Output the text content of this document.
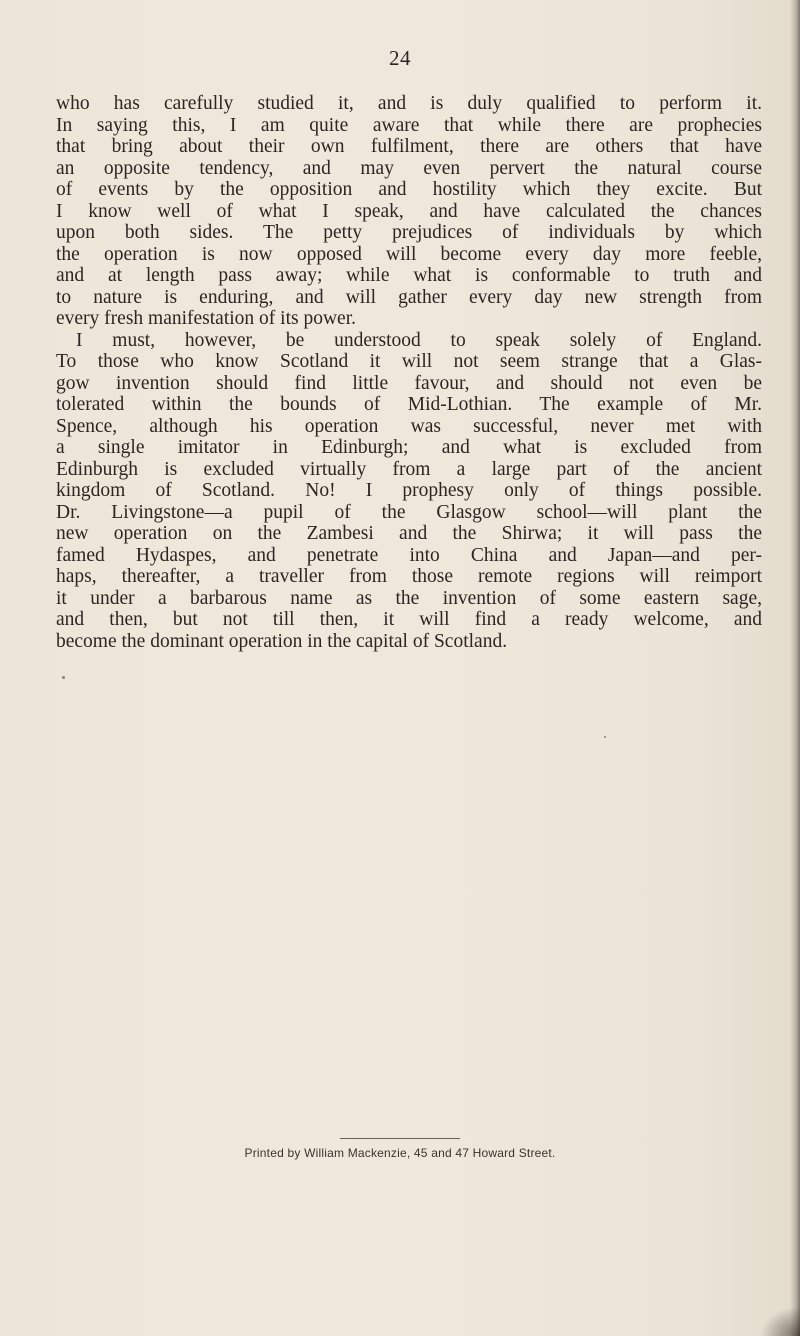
24
who has carefully studied it, and is duly qualified to perform it.
In saying this, I am quite aware that while there are prophecies
that bring about their own fulfilment, there are others that have
an opposite tendency, and may even pervert the natural course
of events by the opposition and hostility which they excite. But
I know well of what I speak, and have calculated the chances
upon both sides. The petty prejudices of individuals by which
the operation is now opposed will become every day more feeble,
and at length pass away; while what is conformable to truth and
to nature is enduring, and will gather every day new strength from
every fresh manifestation of its power.
I must, however, be understood to speak solely of England.
To those who know Scotland it will not seem strange that a Glas-
gow invention should find little favour, and should not even be
tolerated within the bounds of Mid-Lothian. The example of Mr.
Spence, although his operation was successful, never met with
a single imitator in Edinburgh; and what is excluded from
Edinburgh is excluded virtually from a large part of the ancient
kingdom of Scotland. No! I prophesy only of things possible.
Dr. Livingstone—a pupil of the Glasgow school—will plant the
new operation on the Zambesi and the Shirwa; it will pass the
famed Hydaspes, and penetrate into China and Japan—and per-
haps, thereafter, a traveller from those remote regions will reimport
it under a barbarous name as the invention of some eastern sage,
and then, but not till then, it will find a ready welcome, and
become the dominant operation in the capital of Scotland.
Printed by William Mackenzie, 45 and 47 Howard Street.
